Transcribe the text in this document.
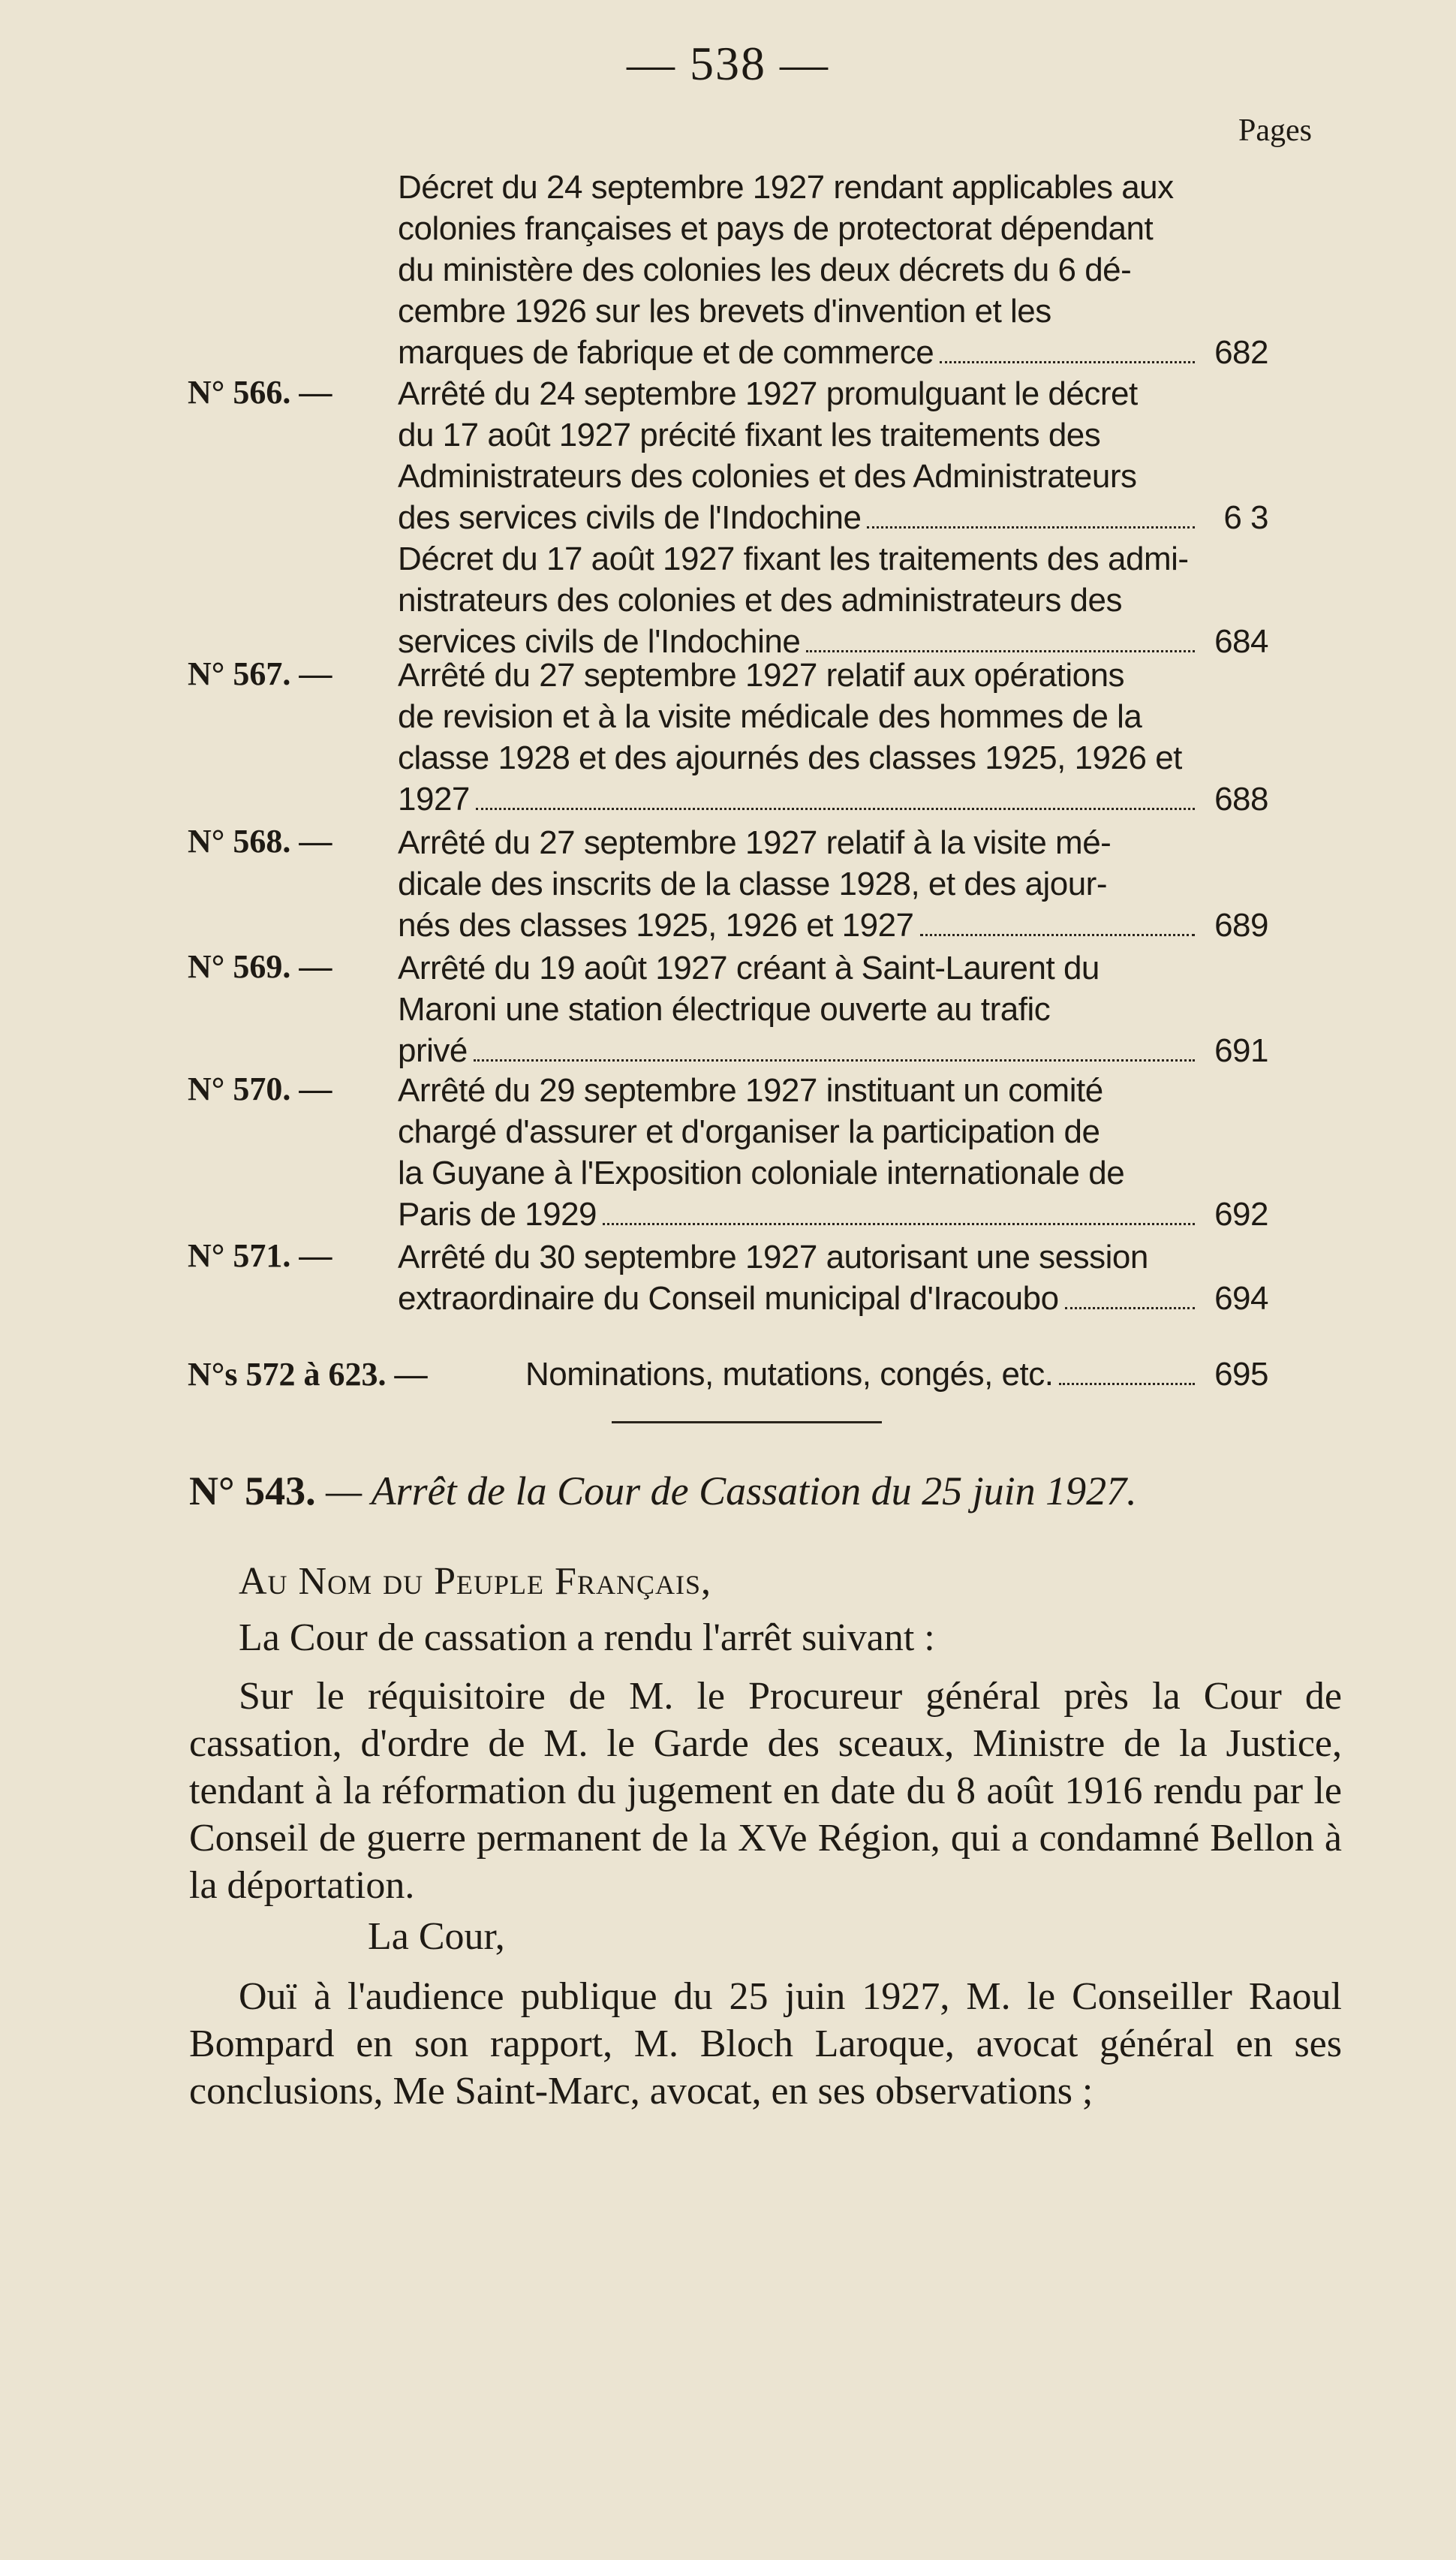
— 538 —
Pages
Décret du 24 septembre 1927 rendant applicables aux
colonies françaises et pays de protectorat dépendant
du ministère des colonies les deux décrets du 6 dé-
cembre 1926 sur les brevets d'invention et les
marques de fabrique et de commerce	682
N° 566. — Arrêté du 24 septembre 1927 promulguant le décret
du 17 août 1927 précité fixant les traitements des
Administrateurs des colonies et des Administrateurs
des services civils de l'Indochine	6 3
Décret du 17 août 1927 fixant les traitements des admi-
nistrateurs des colonies et des administrateurs des
services civils de l'Indochine	684
N° 567. — Arrêté du 27 septembre 1927 relatif aux opérations
de revision et à la visite médicale des hommes de la
classe 1928 et des ajournés des classes 1925, 1926 et
1927	688
N° 568. — Arrêté du 27 septembre 1927 relatif à la visite mé-
dicale des inscrits de la classe 1928, et des ajour-
nés des classes 1925, 1926 et 1927	689
N° 569. — Arrêté du 19 août 1927 créant à Saint-Laurent du
Maroni une station électrique ouverte au trafic
privé	691
N° 570. — Arrêté du 29 septembre 1927 instituant un comité
chargé d'assurer et d'organiser la participation de
la Guyane à l'Exposition coloniale internationale de
Paris de 1929	692
N° 571. — Arrêté du 30 septembre 1927 autorisant une session
extraordinaire du Conseil municipal d'Iracoubo	694
N°s 572 à 623. —	Nominations, mutations, congés, etc.	695
N° 543. — Arrêt de la Cour de Cassation du 25 juin 1927.
Au Nom du Peuple Français,
La Cour de cassation a rendu l'arrêt suivant :
Sur le réquisitoire de M. le Procureur général près la Cour de cassation, d'ordre de M. le Garde des sceaux, Ministre de la Justice, tendant à la réformation du jugement en date du 8 août 1916 rendu par le Conseil de guerre permanent de la XVe Région, qui a condamné Bellon à la déportation.
La Cour,
Ouï à l'audience publique du 25 juin 1927, M. le Conseiller Raoul Bompard en son rapport, M. Bloch Laroque, avocat général en ses conclusions, Me Saint-Marc, avocat, en ses observations ;
